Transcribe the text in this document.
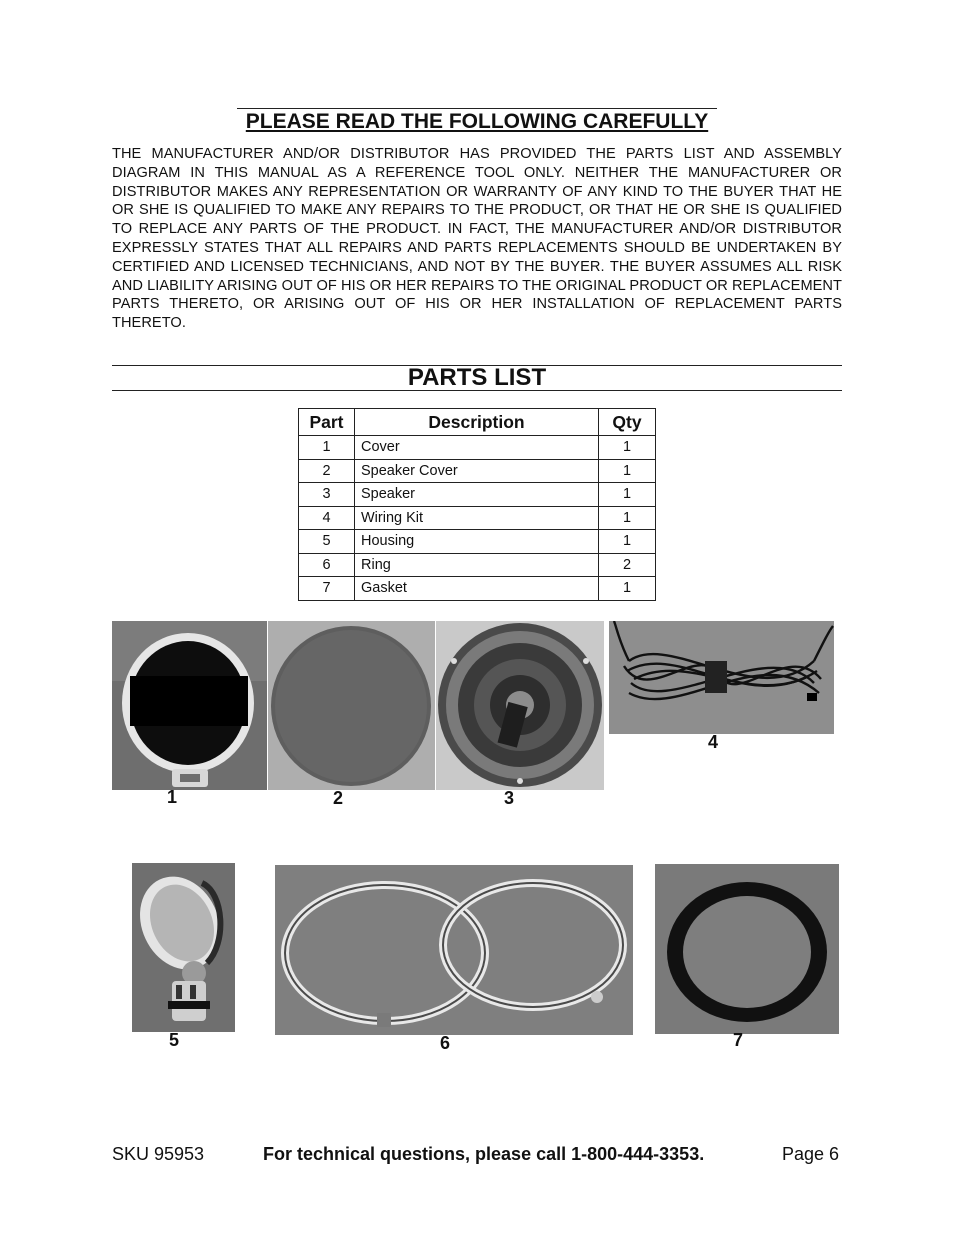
PLEASE READ THE FOLLOWING CAREFULLY

THE MANUFACTURER AND/OR DISTRIBUTOR HAS PROVIDED THE PARTS LIST AND ASSEMBLY DIAGRAM IN THIS MANUAL AS A REFERENCE TOOL ONLY. NEITHER THE MANUFACTURER OR DISTRIBUTOR MAKES ANY REPRESENTATION OR WARRANTY OF ANY KIND TO THE BUYER THAT HE OR SHE IS QUALIFIED TO MAKE ANY REPAIRS TO THE PRODUCT, OR THAT HE OR SHE IS QUALIFIED TO REPLACE ANY PARTS OF THE PRODUCT. IN FACT, THE MANUFACTURER AND/OR DISTRIBUTOR EXPRESSLY STATES THAT ALL REPAIRS AND PARTS REPLACEMENTS SHOULD BE UNDERTAKEN BY CERTIFIED AND LICENSED TECHNICIANS, AND NOT BY THE BUYER. THE BUYER ASSUMES ALL RISK AND LIABILITY ARISING OUT OF HIS OR HER REPAIRS TO THE ORIGINAL PRODUCT OR REPLACEMENT PARTS THERETO, OR ARISING OUT OF HIS OR HER INSTALLATION OF REPLACEMENT PARTS THERETO.

PARTS LIST
Part	Description	Qty
1	Cover	1
2	Speaker Cover	1
3	Speaker	1
4	Wiring Kit	1
5	Housing	1
6	Ring	2
7	Gasket	1
1	2	3
4
5	6	7
SKU 95953	For technical questions, please call 1-800-444-3353.	Page 6
